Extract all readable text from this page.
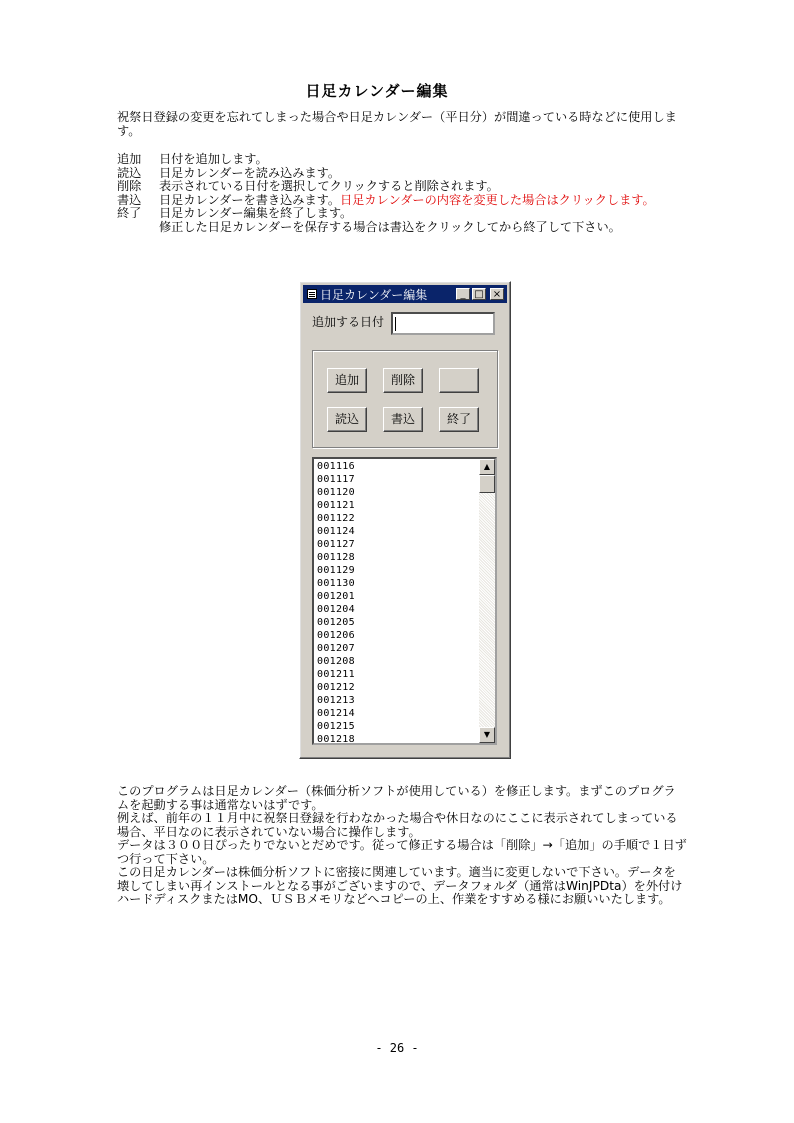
日足カレンダー編集

祝祭日登録の変更を忘れてしまった場合や日足カレンダー（平日分）が間違っている時などに使用します。

追加	日付を追加します。
読込	日足カレンダーを読み込みます。
削除	表示されている日付を選択してクリックすると削除されます。
書込	日足カレンダーを書き込みます。日足カレンダーの内容を変更した場合はクリックします。
終了	日足カレンダー編集を終了します。
修正した日足カレンダーを保存する場合は書込をクリックしてから終了して下さい。
日足カレンダー編集	_ □ ×
追加する日付
追加	削除
読込	書込	終了
001116
001117
001120
001121
001122
001124
001127
001128
001129
001130
001201
001204
001205
001206
001207
001208
001211
001212
001213
001214
001215
001218
▲
▼

このプログラムは日足カレンダー（株価分析ソフトが使用している）を修正します。まずこのプログラムを起動する事は通常ないはずです。

例えば、前年の１１月中に祝祭日登録を行わなかった場合や休日なのにここに表示されてしまっている場合、平日なのに表示されていない場合に操作します。

データは３００日ぴったりでないとだめです。従って修正する場合は「削除」→「追加」の手順で１日ずつ行って下さい。

この日足カレンダーは株価分析ソフトに密接に関連しています。適当に変更しないで下さい。データを壊してしまい再インストールとなる事がございますので、データフォルダ（通常はWinJPDta）を外付けハードディスクまたはMO、ＵＳＢメモリなどへコピーの上、作業をすすめる様にお願いいたします。

- 26 -
